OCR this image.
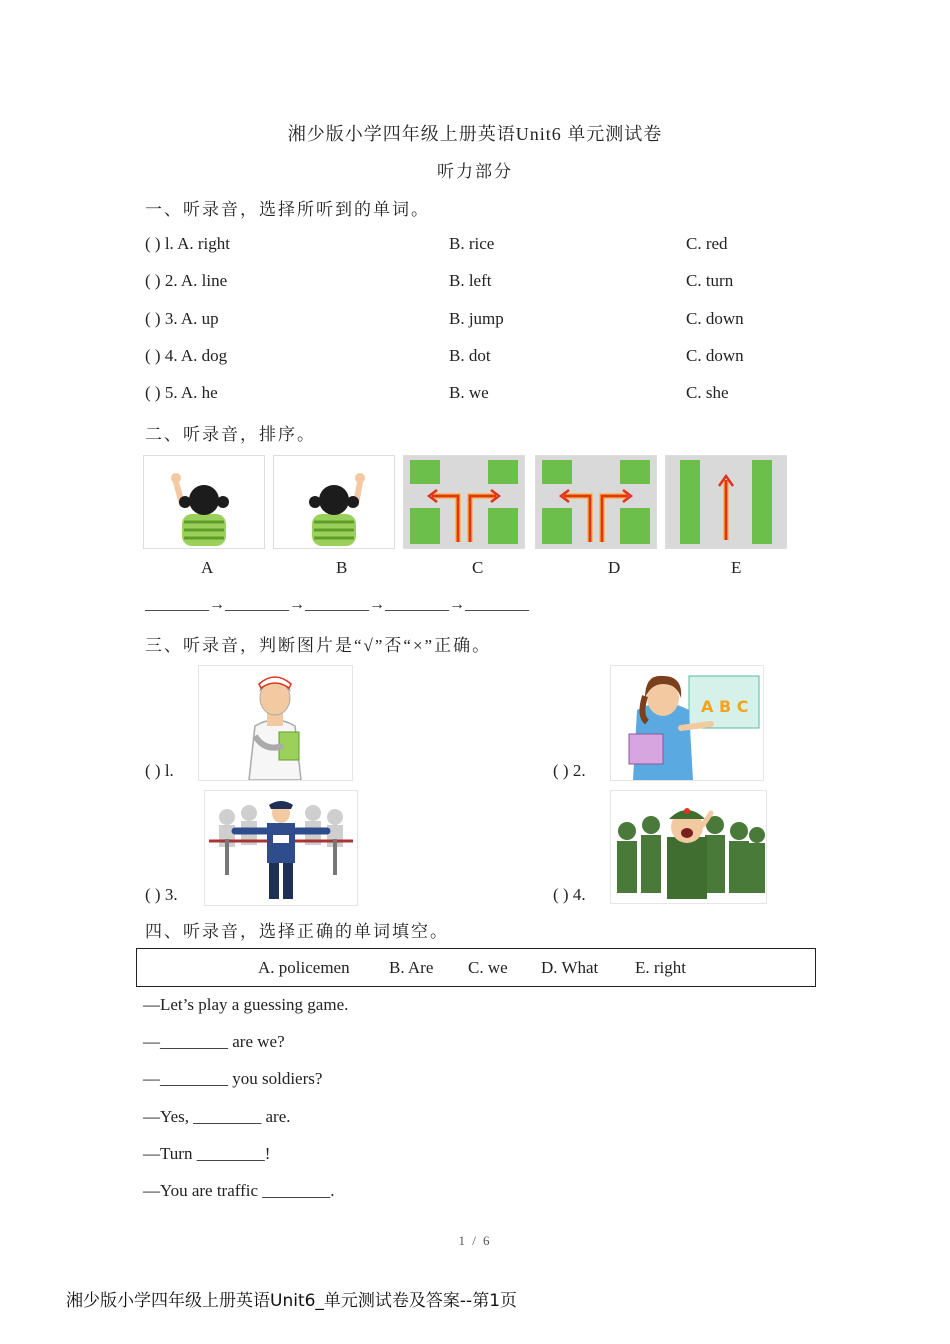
湘少版小学四年级上册英语Unit6 单元测试卷
听力部分
一、听录音，选择所听到的单词。
( ) l. A. right	B. rice	C. red
( ) 2. A. line	B. left	C. turn
( ) 3. A. up	B. jump	C. down
( ) 4. A. dog	B. dot	C. down
( ) 5. A. he	B. we	C. she
二、听录音，排序。
A	B	C	D	E
________→________→________→________→________
三、听录音，判断图片是“√”否“×”正确。
( ) l.
A B C
( ) 2.
( ) 3.	( ) 4.
四、听录音，选择正确的单词填空。
A. policemen B. Are C. we D. What E. right
—Let’s play a guessing game.
—________ are we?
—________ you soldiers?
—Yes, ________ are.
—Turn ________!
—You are traffic ________.
1 / 6
湘少版小学四年级上册英语Unit6_单元测试卷及答案--第1页
